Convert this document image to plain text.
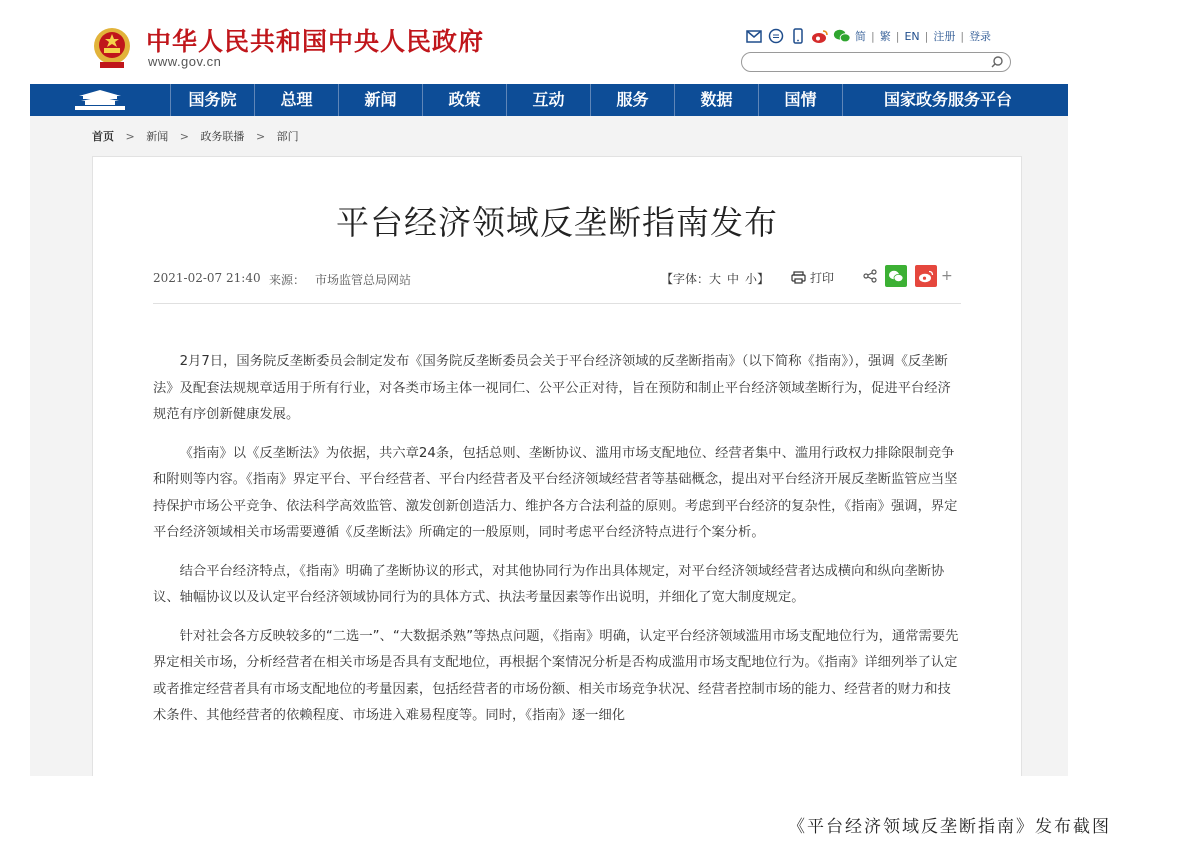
中华人民共和国中央人民政府
www.gov.cn
简 | 繁 | EN | 注册 | 登录
国务院	总理	新闻	政策	互动	服务	数据	国情	国家政务服务平台
首页 > 新闻 > 政务联播 > 部门
平台经济领域反垄断指南发布
2021-02-07 21:40 来源： 市场监管总局网站	【字体：大 中 小】	打印	+

2月7日，国务院反垄断委员会制定发布《国务院反垄断委员会关于平台经济领域的反垄断指南》（以下简称《指南》），强调《反垄断法》及配套法规规章适用于所有行业，对各类市场主体一视同仁、公平公正对待，旨在预防和制止平台经济领域垄断行为，促进平台经济规范有序创新健康发展。

《指南》以《反垄断法》为依据，共六章24条，包括总则、垄断协议、滥用市场支配地位、经营者集中、滥用行政权力排除限制竞争和附则等内容。《指南》界定平台、平台经营者、平台内经营者及平台经济领域经营者等基础概念，提出对平台经济开展反垄断监管应当坚持保护市场公平竞争、依法科学高效监管、激发创新创造活力、维护各方合法利益的原则。考虑到平台经济的复杂性，《指南》强调，界定平台经济领域相关市场需要遵循《反垄断法》所确定的一般原则，同时考虑平台经济特点进行个案分析。

结合平台经济特点，《指南》明确了垄断协议的形式，对其他协同行为作出具体规定，对平台经济领域经营者达成横向和纵向垄断协议、轴幅协议以及认定平台经济领域协同行为的具体方式、执法考量因素等作出说明，并细化了宽大制度规定。

针对社会各方反映较多的“二选一”、“大数据杀熟”等热点问题，《指南》明确，认定平台经济领域滥用市场支配地位行为，通常需要先界定相关市场，分析经营者在相关市场是否具有支配地位，再根据个案情况分析是否构成滥用市场支配地位行为。《指南》详细列举了认定或者推定经营者具有市场支配地位的考量因素，包括经营者的市场份额、相关市场竞争状况、经营者控制市场的能力、经营者的财力和技术条件、其他经营者的依赖程度、市场进入难易程度等。同时，《指南》逐一细化

《平台经济领域反垄断指南》发布截图
